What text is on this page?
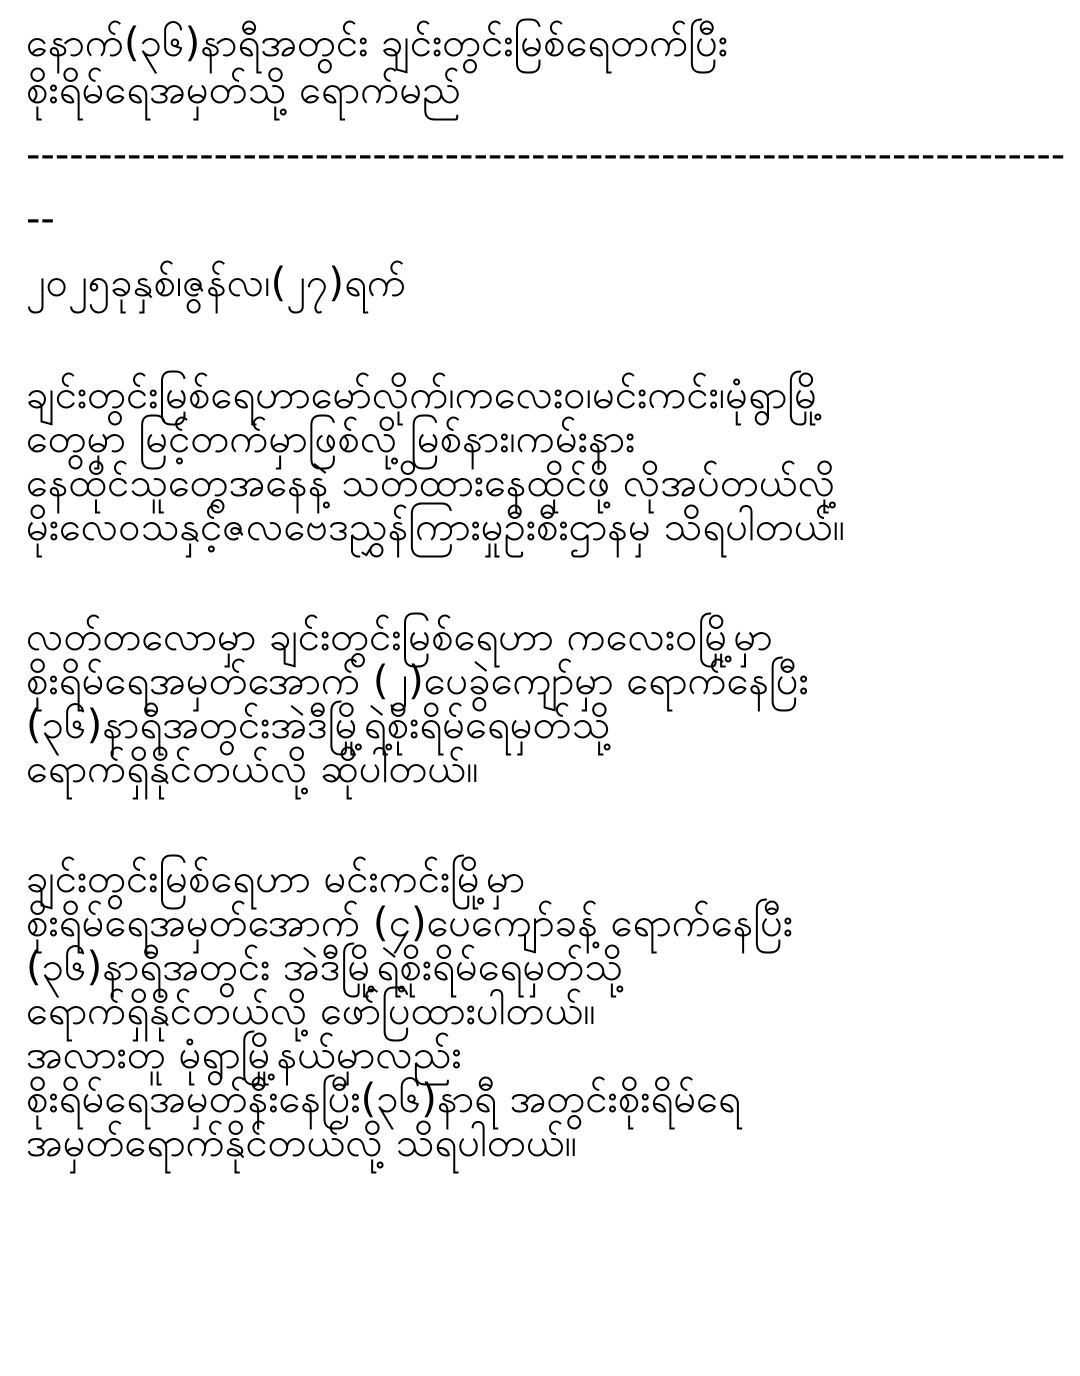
နောက်(၃၆)နာရီအတွင်း ချင်းတွင်းမြစ်ရေတက်ပြီး
စိုးရိမ်ရေအမှတ်သို့ ရောက်မည်
------------------------------------------------------------------------
--
၂၀၂၅ခုနှစ်၊ဇွန်လ၊(၂၇)ရက်
ချင်းတွင်းမြစ်ရေဟာမော်လိုက်၊ကလေး၀၊မင်းကင်း၊မုံရွာမြို့
တွေမှာ မြင့်တက်မှာဖြစ်လို့ မြစ်နား၊ကမ်းနား
နေထိုင်သူတွေအနေနဲ့ သတိထားနေထိုင်ဖို့ လိုအပ်တယ်လို့
မိုးလေ၀သနှင့်ဇလဗေဒညွှန်ကြားမှုဦးစီးဌာနမှ သိရပါတယ်။
လတ်တလောမှာ ချင်းတွင်းမြစ်ရေဟာ ကလေး၀မြို့မှာ
စိုးရိမ်ရေအမှတ်အောက် (၂)ပေခွဲကျော်မှာ ရောက်နေပြီး
(၃၆)နာရီအတွင်းအဲဒီမြို့ရဲ့စိုးရိမ်ရေမှတ်သို့
ရောက်ရှိနိုင်တယ်လို့ ဆိုပါတယ်။
ချင်းတွင်းမြစ်ရေဟာ မင်းကင်းမြို့မှာ
စိုးရိမ်ရေအမှတ်အောက် (၄)ပေကျော်ခန့် ရောက်နေပြီး
(၃၆)နာရီအတွင်း အဲဒီမြို့ရဲ့စိုးရိမ်ရေမှတ်သို့
ရောက်ရှိနိုင်တယ်လို့ ဖော်ပြထားပါတယ်။
အလားတူ မုံရွာမြို့နယ်မှာလည်း
စိုးရိမ်ရေအမှတ်နီးနေပြီး(၃၆)နာရီ အတွင်းစိုးရိမ်ရေ
အမှတ်ရောက်နိုင်တယ်လို့ သိရပါတယ်။
